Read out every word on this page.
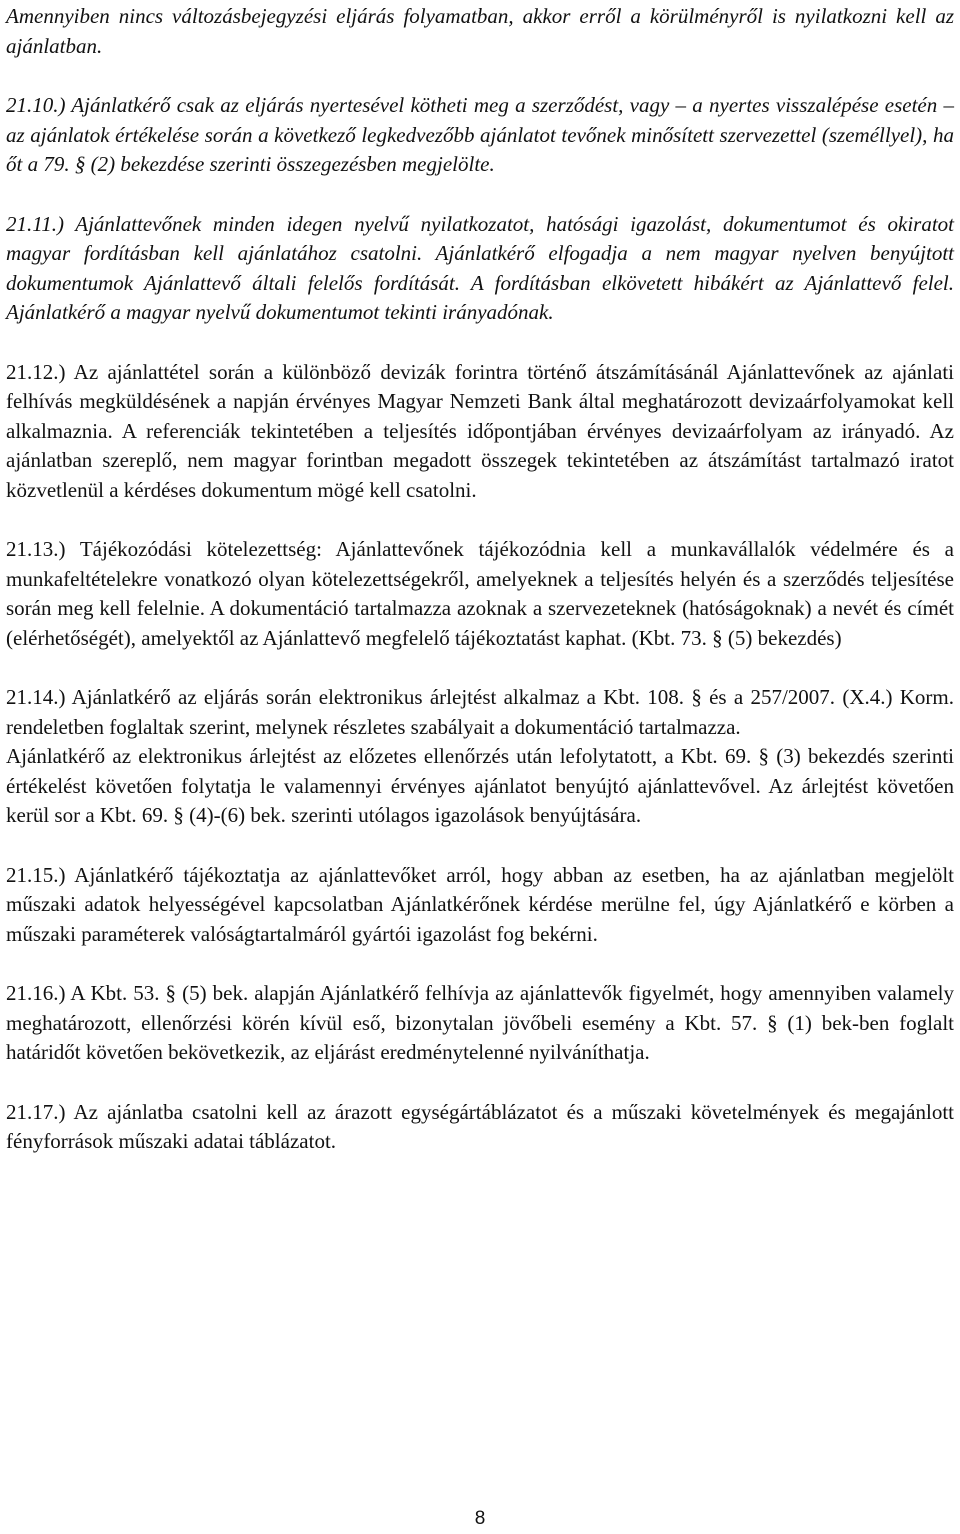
Amennyiben nincs változásbejegyzési eljárás folyamatban, akkor erről a körülményről is nyilatkozni kell az ajánlatban.

21.10.) Ajánlatkérő csak az eljárás nyertesével kötheti meg a szerződést, vagy – a nyertes visszalépése esetén – az ajánlatok értékelése során a következő legkedvezőbb ajánlatot tevőnek minősített szervezettel (személlyel), ha őt a 79. § (2) bekezdése szerinti összegezésben megjelölte.

21.11.) Ajánlattevőnek minden idegen nyelvű nyilatkozatot, hatósági igazolást, dokumentumot és okiratot magyar fordításban kell ajánlatához csatolni. Ajánlatkérő elfogadja a nem magyar nyelven benyújtott dokumentumok Ajánlattevő általi felelős fordítását. A fordításban elkövetett hibákért az Ajánlattevő felel. Ajánlatkérő a magyar nyelvű dokumentumot tekinti irányadónak.

21.12.) Az ajánlattétel során a különböző devizák forintra történő átszámításánál Ajánlattevőnek az ajánlati felhívás megküldésének a napján érvényes Magyar Nemzeti Bank által meghatározott devizaárfolyamokat kell alkalmaznia. A referenciák tekintetében a teljesítés időpontjában érvényes devizaárfolyam az irányadó. Az ajánlatban szereplő, nem magyar forintban megadott összegek tekintetében az átszámítást tartalmazó iratot közvetlenül a kérdéses dokumentum mögé kell csatolni.

21.13.) Tájékozódási kötelezettség: Ajánlattevőnek tájékozódnia kell a munkavállalók védelmére és a munkafeltételekre vonatkozó olyan kötelezettségekről, amelyeknek a teljesítés helyén és a szerződés teljesítése során meg kell felelnie. A dokumentáció tartalmazza azoknak a szervezeteknek (hatóságoknak) a nevét és címét (elérhetőségét), amelyektől az Ajánlattevő megfelelő tájékoztatást kaphat. (Kbt. 73. § (5) bekezdés)

21.14.) Ajánlatkérő az eljárás során elektronikus árlejtést alkalmaz a Kbt. 108. § és a 257/2007. (X.4.) Korm. rendeletben foglaltak szerint, melynek részletes szabályait a dokumentáció tartalmazza.

Ajánlatkérő az elektronikus árlejtést az előzetes ellenőrzés után lefolytatott, a Kbt. 69. § (3) bekezdés szerinti értékelést követően folytatja le valamennyi érvényes ajánlatot benyújtó ajánlattevővel. Az árlejtést követően kerül sor a Kbt. 69. § (4)-(6) bek. szerinti utólagos igazolások benyújtására.

21.15.) Ajánlatkérő tájékoztatja az ajánlattevőket arról, hogy abban az esetben, ha az ajánlatban megjelölt műszaki adatok helyességével kapcsolatban Ajánlatkérőnek kérdése merülne fel, úgy Ajánlatkérő e körben a műszaki paraméterek valóságtartalmáról gyártói igazolást fog bekérni.

21.16.) A Kbt. 53. § (5) bek. alapján Ajánlatkérő felhívja az ajánlattevők figyelmét, hogy amennyiben valamely meghatározott, ellenőrzési körén kívül eső, bizonytalan jövőbeli esemény a Kbt. 57. § (1) bek-ben foglalt határidőt követően bekövetkezik, az eljárást eredménytelenné nyilváníthatja.

21.17.) Az ajánlatba csatolni kell az árazott egységártáblázatot és a műszaki követelmények és megajánlott fényforrások műszaki adatai táblázatot.

8
